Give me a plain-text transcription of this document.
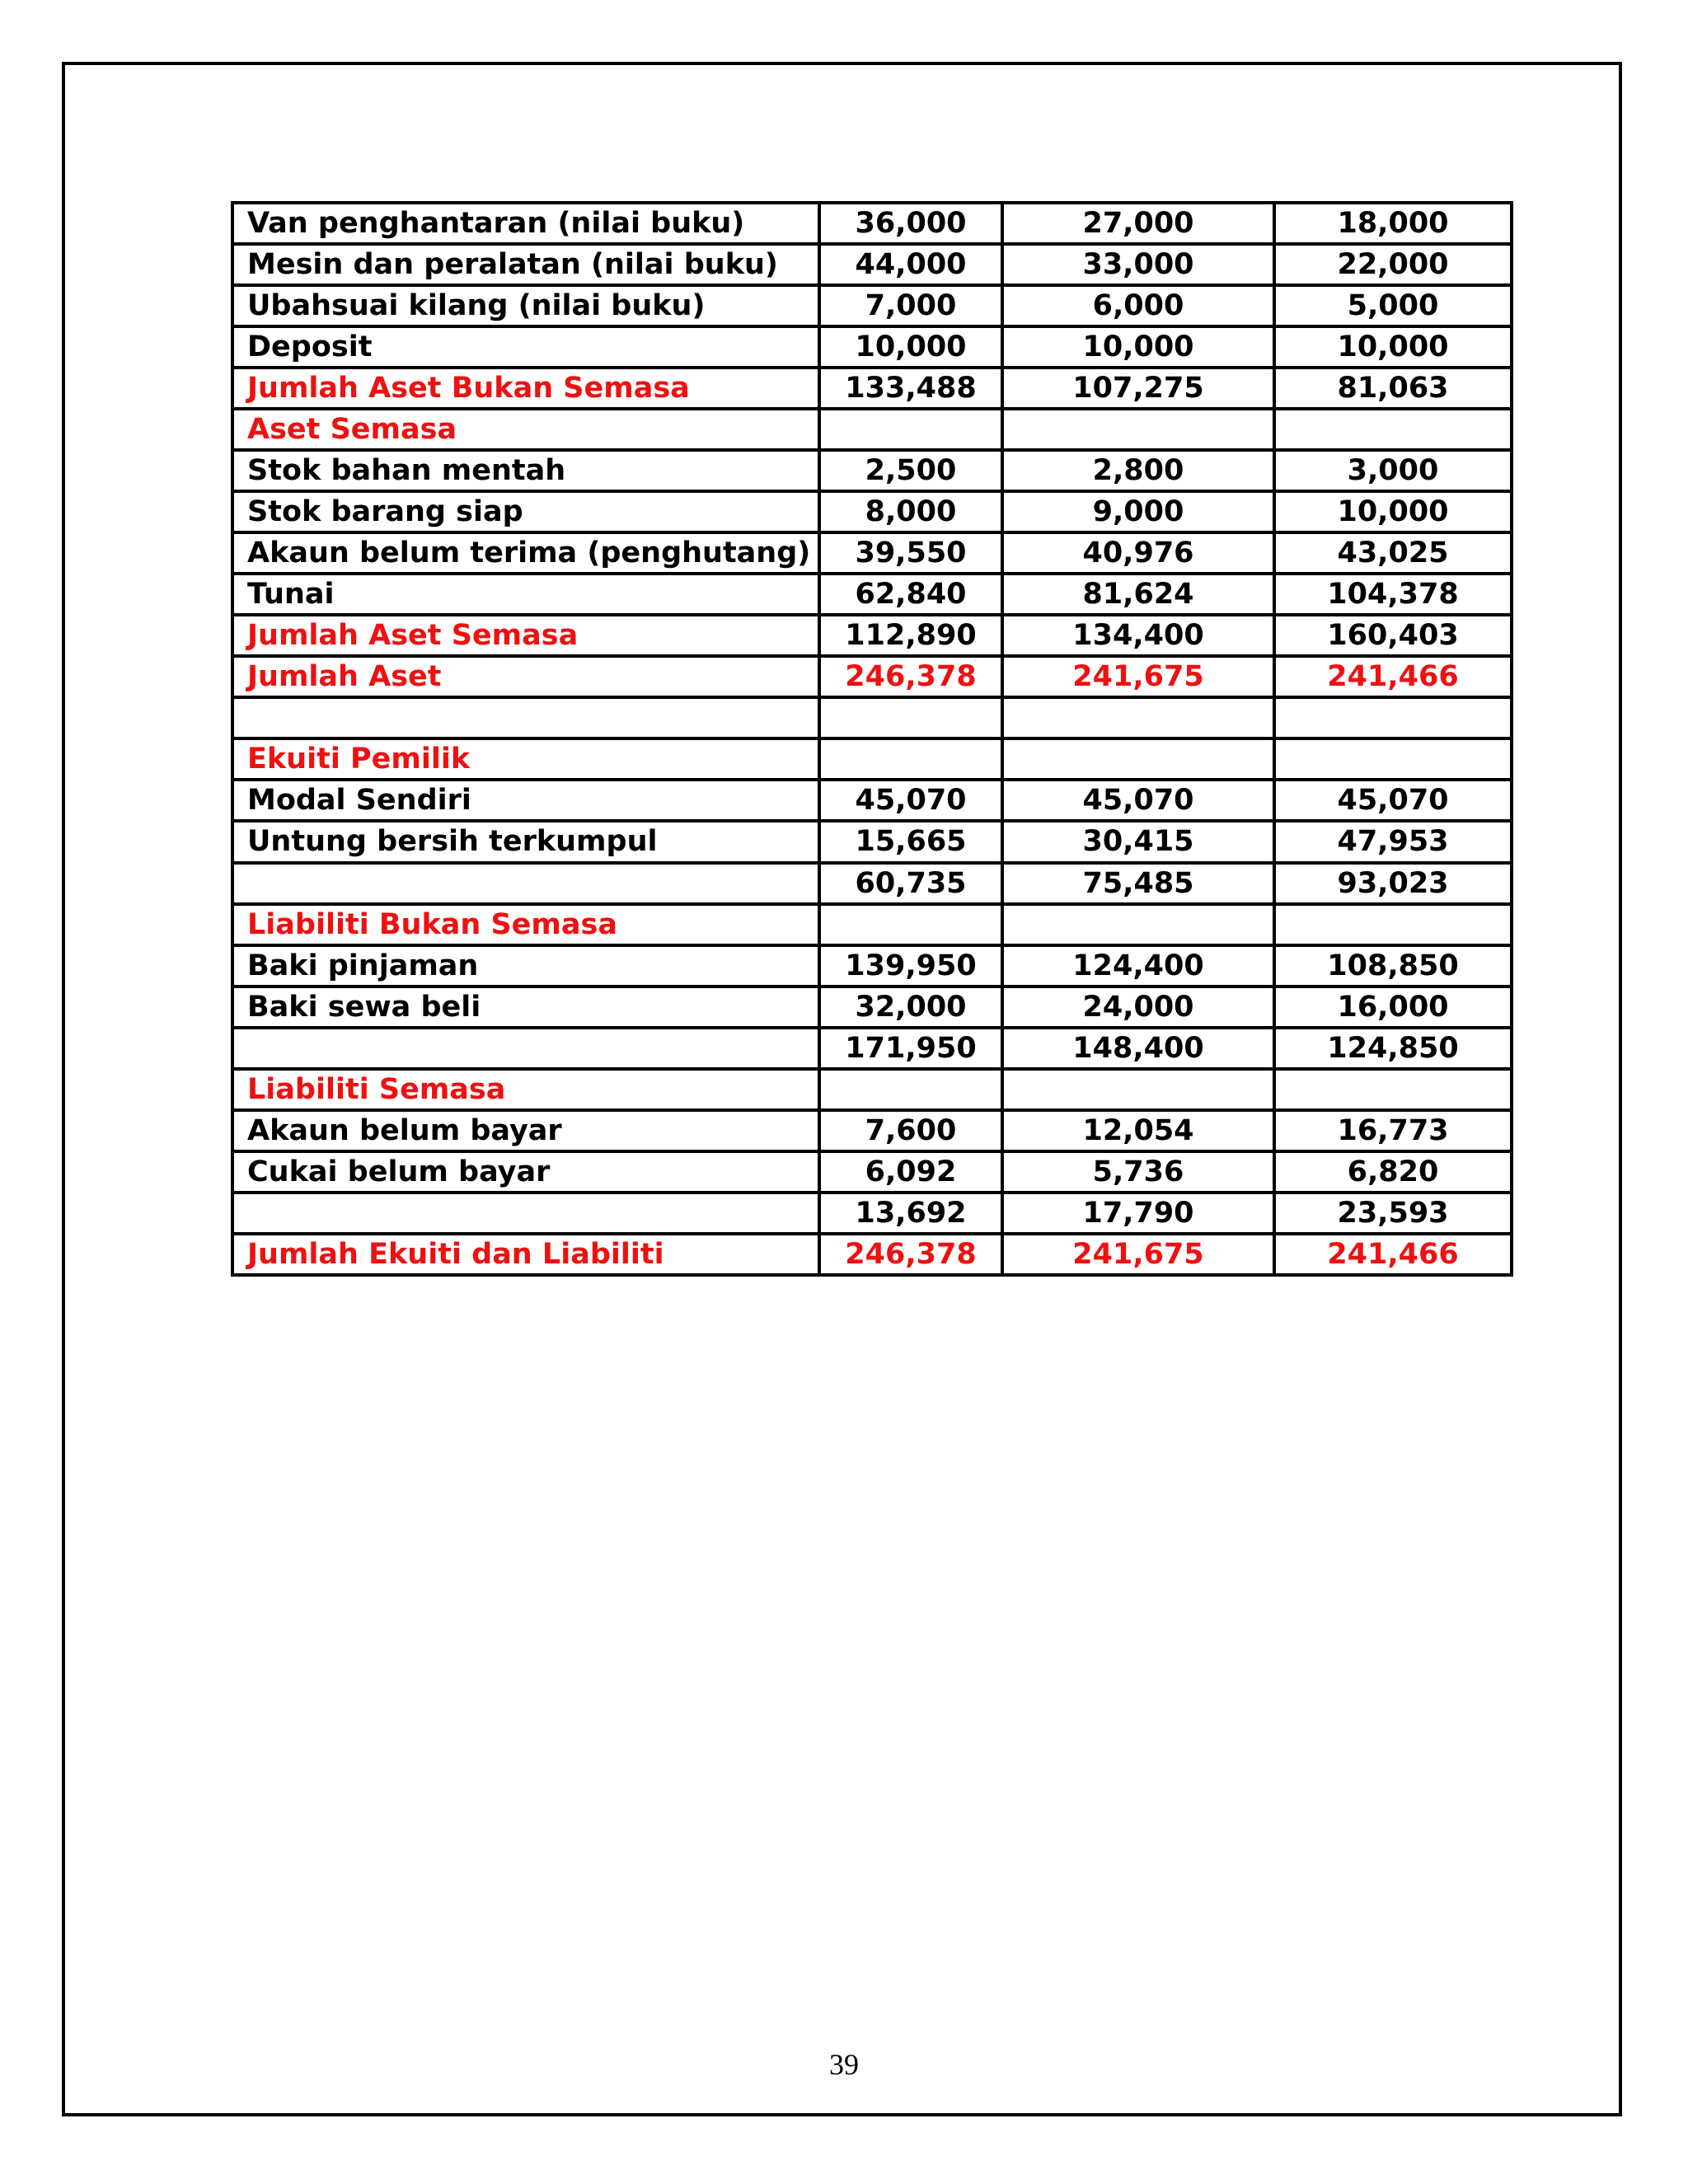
Van penghantaran (nilai buku)	36,000	27,000	18,000
Mesin dan peralatan (nilai buku)	44,000	33,000	22,000
Ubahsuai kilang (nilai buku)	7,000	6,000	5,000
Deposit	10,000	10,000	10,000
Jumlah Aset Bukan Semasa	133,488	107,275	81,063
Aset Semasa			
Stok bahan mentah	2,500	2,800	3,000
Stok barang siap	8,000	9,000	10,000
Akaun belum terima (penghutang)	39,550	40,976	43,025
Tunai	62,840	81,624	104,378
Jumlah Aset Semasa	112,890	134,400	160,403
Jumlah Aset	246,378	241,675	241,466

Ekuiti Pemilik			
Modal Sendiri	45,070	45,070	45,070
Untung bersih terkumpul	15,665	30,415	47,953
	60,735	75,485	93,023
Liabiliti Bukan Semasa			
Baki pinjaman	139,950	124,400	108,850
Baki sewa beli	32,000	24,000	16,000
	171,950	148,400	124,850
Liabiliti Semasa			
Akaun belum bayar	7,600	12,054	16,773
Cukai belum bayar	6,092	5,736	6,820
	13,692	17,790	23,593
Jumlah Ekuiti dan Liabiliti	246,378	241,675	241,466
39
